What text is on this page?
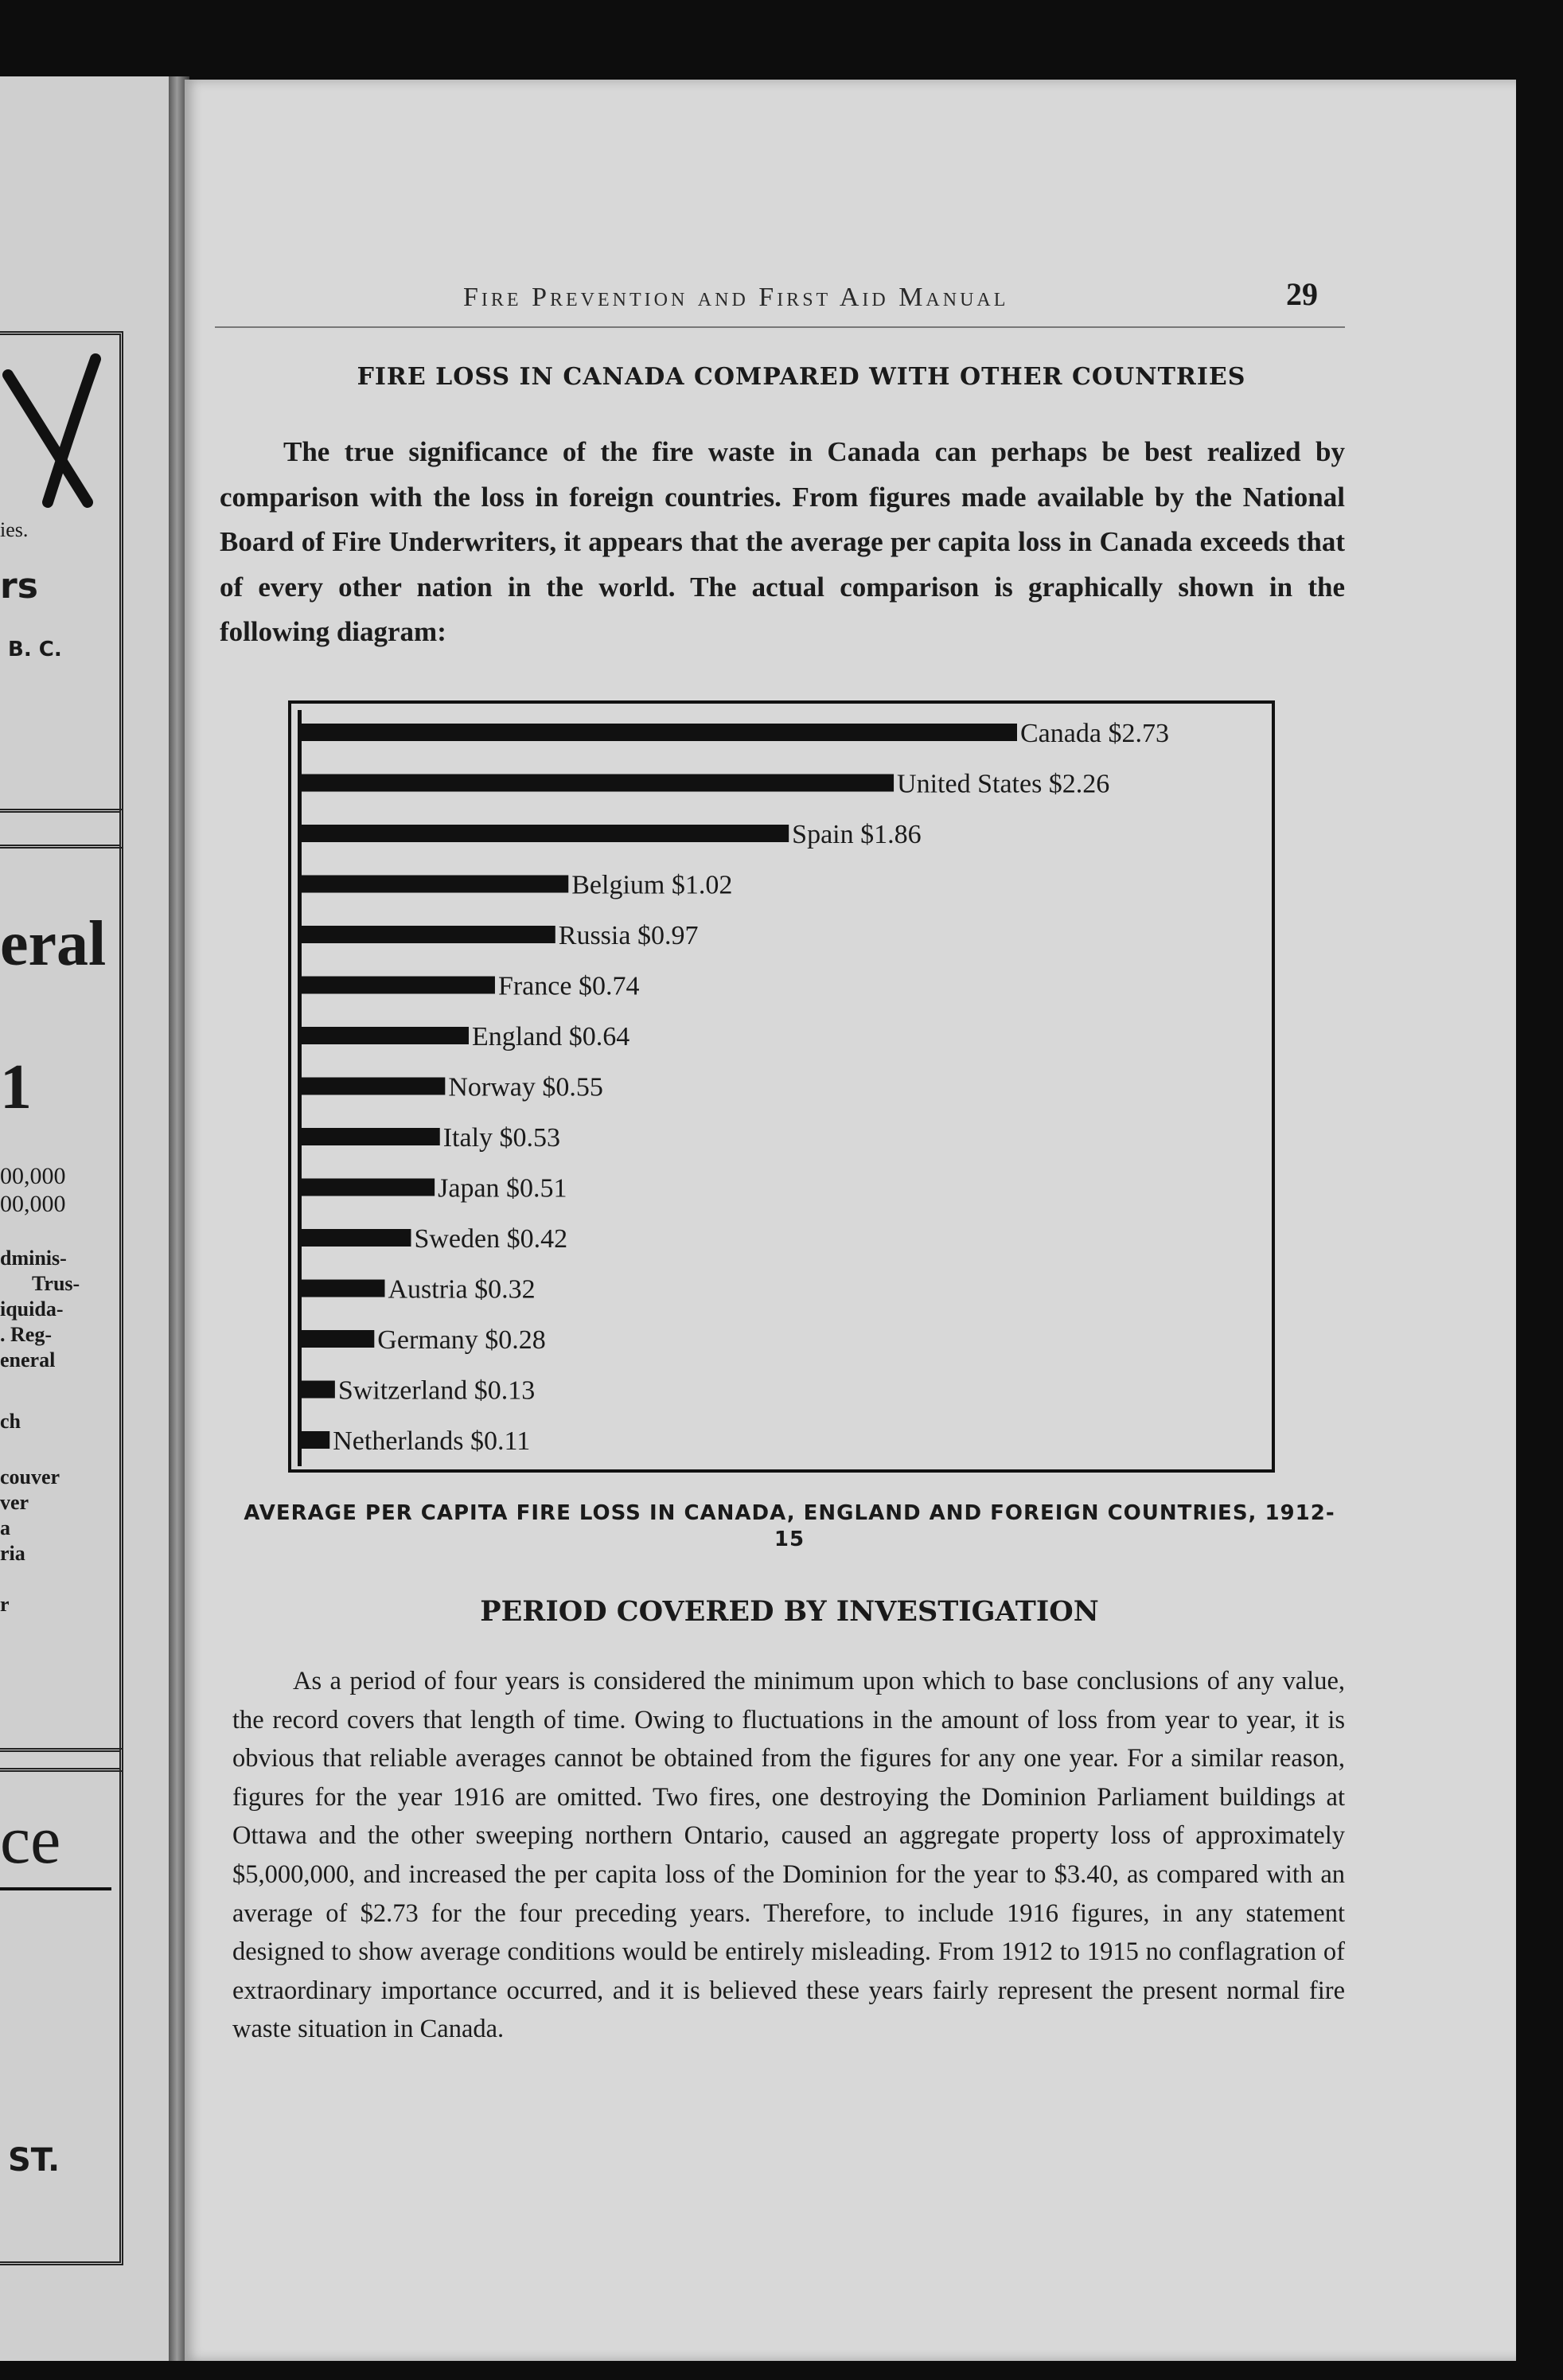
ies.
rs
B. C.
eral
1
00,000
00,000
dminis-
Trus-
iquida-
. Reg-
eneral
ch
couver
ver
a
ria
r
ce
ST.
Fire Prevention and First Aid Manual	29
FIRE LOSS IN CANADA COMPARED WITH OTHER COUNTRIES
The true significance of the fire waste in Canada can perhaps be best realized by comparison with the loss in foreign countries. From figures made available by the National Board of Fire Underwriters, it appears that the average per capita loss in Canada exceeds that of every other nation in the world. The actual comparison is graphically shown in the following diagram:
Canada $2.73
United States $2.26
Spain $1.86
Belgium $1.02
Russia $0.97
France $0.74
England $0.64
Norway $0.55
Italy $0.53
Japan $0.51
Sweden $0.42
Austria $0.32
Germany $0.28
Switzerland $0.13
Netherlands $0.11
AVERAGE PER CAPITA FIRE LOSS IN CANADA, ENGLAND AND FOREIGN COUNTRIES, 1912-15
PERIOD COVERED BY INVESTIGATION
As a period of four years is considered the minimum upon which to base conclusions of any value, the record covers that length of time. Owing to fluctuations in the amount of loss from year to year, it is obvious that reliable averages cannot be obtained from the figures for any one year. For a similar reason, figures for the year 1916 are omitted. Two fires, one destroying the Dominion Parliament buildings at Ottawa and the other sweeping northern Ontario, caused an aggregate property loss of approximately $5,000,000, and increased the per capita loss of the Dominion for the year to $3.40, as compared with an average of $2.73 for the four preceding years. Therefore, to include 1916 figures, in any statement designed to show average conditions would be entirely misleading. From 1912 to 1915 no conflagration of extraordinary importance occurred, and it is believed these years fairly represent the present normal fire waste situation in Canada.
